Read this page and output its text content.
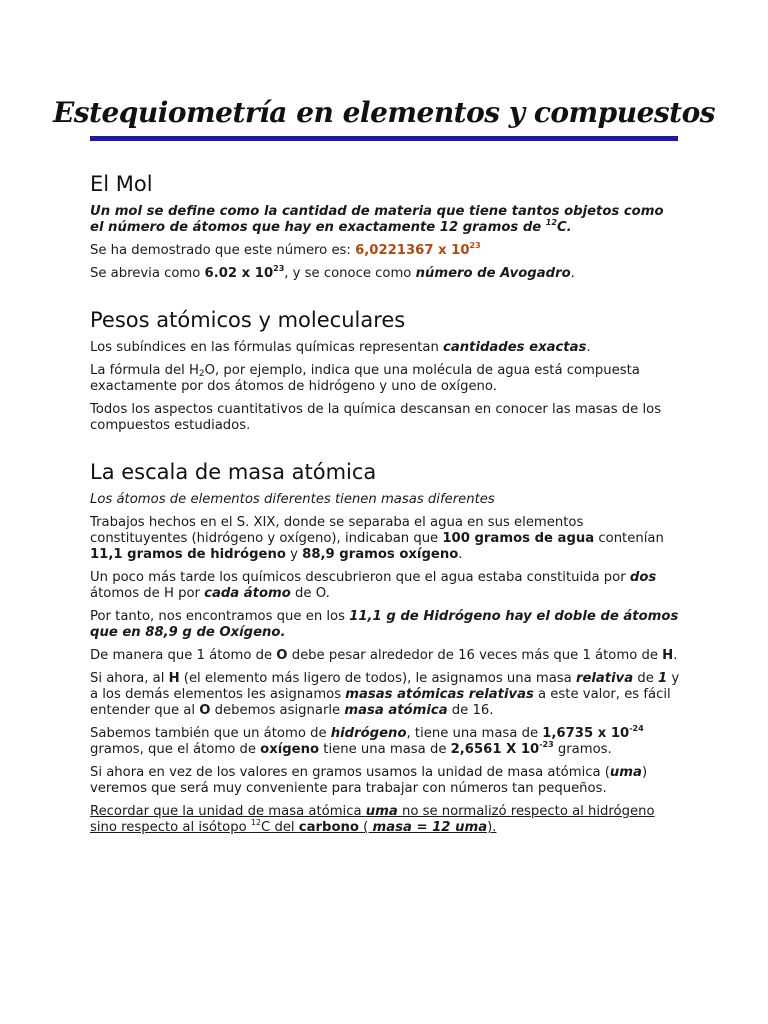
Estequiometría en elementos y compuestos
El Mol

Un mol se define como la cantidad de materia que tiene tantos objetos como el número de átomos que hay en exactamente 12 gramos de $^{12}$C.

Se ha demostrado que este número es: 6,0221367 x $10^{23}$

Se abrevia como 6.02 x $10^{23}$, y se conoce como número de Avogadro.

Pesos atómicos y moleculares

Los subíndices en las fórmulas químicas representan cantidades exactas.

La fórmula del $H_2O$, por ejemplo, indica que una molécula de agua está compuesta exactamente por dos átomos de hidrógeno y uno de oxígeno.

Todos los aspectos cuantitativos de la química descansan en conocer las masas de los compuestos estudiados.

La escala de masa atómica

Los átomos de elementos diferentes tienen masas diferentes

Trabajos hechos en el S. XIX, donde se separaba el agua en sus elementos constituyentes (hidrógeno y oxígeno), indicaban que 100 gramos de agua contenían 11,1 gramos de hidrógeno y 88,9 gramos oxígeno.

Un poco más tarde los químicos descubrieron que el agua estaba constituida por dos átomos de H por cada átomo de O.

Por tanto, nos encontramos que en los 11,1 g de Hidrógeno hay el doble de átomos que en 88,9 g de Oxígeno.

De manera que 1 átomo de O debe pesar alrededor de 16 veces más que 1 átomo de H.

Si ahora, al H (el elemento más ligero de todos), le asignamos una masa relativa de 1 y a los demás elementos les asignamos masas atómicas relativas a este valor, es fácil entender que al O debemos asignarle masa atómica de 16.

Sabemos también que un átomo de hidrógeno, tiene una masa de 1,6735 x $10^{-24}$ gramos, que el átomo de oxígeno tiene una masa de 2,6561 X $10^{-23}$ gramos.

Si ahora en vez de los valores en gramos usamos la unidad de masa atómica (uma) veremos que será muy conveniente para trabajar con números tan pequeños.

Recordar que la unidad de masa atómica uma no se normalizó respecto al hidrógeno sino respecto al isótopo $^{12}$C del carbono ( masa = 12 uma).
